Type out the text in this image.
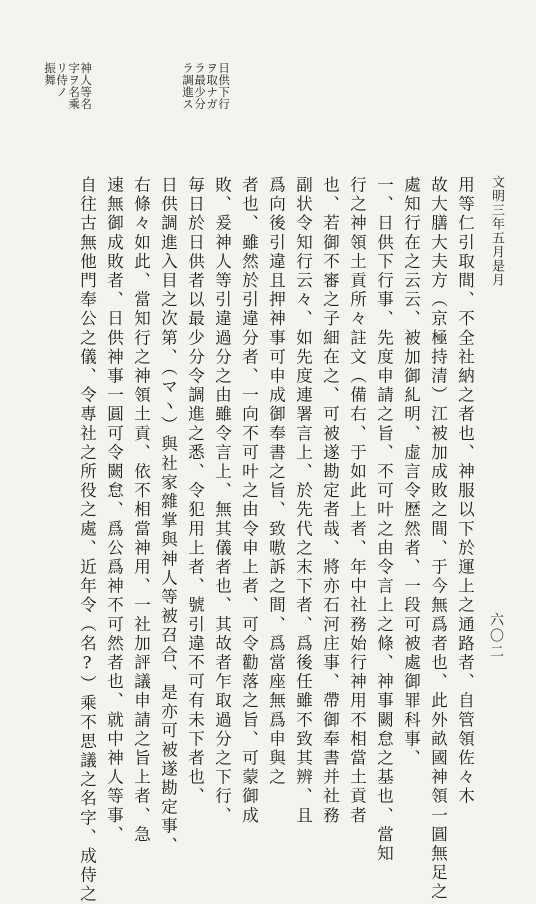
六〇二
文明三年五月是月
用等仁引取間、不全社納之者也、神服以下於運上之通路者、自管領佐々木
故大膳大夫方（京極持清）江被加成敗之間、于今無爲者也、此外畝國神領一圓無足之
處知行在之云云、被加御糺明、虚言令歴然者、一段可被處御罪科事、
一、日供下行事、先度申請之旨、不可叶之由令言上之條、神事闕怠之基也、當知
行之神領土貢所々註文（備右、于如此上者、年中社務始行神用不相當土貢者
也、若御不審之子細在之、可被遂勘定者哉、將亦石河庄事、帶御奉書并社務
副状令知行云々、如先度連署言上、於先代之末下者、爲後任雖不致其辨、且
爲向後引違且押神事可申成御奉書之旨、致嗷訴之間、爲當座無爲申與之
者也、雖然於引違分者、一向不可叶之由令申上者、可令勸落之旨、可蒙御成
敗、爰神人等引違過分之由雖令言上、無其儀者也、其故者乍取過分之下行、
毎日於日供者以最少分令調進之悉、令犯用上者、號引違不可有未下者也、
日供調進入目之次第、（マヽ）與社家雜掌與神人等被召合、是亦可被遂勘定事、
右條々如此、當知行之神領土貢、依不相當神用、一社加評議申請之旨上者、急
速無御成敗者、日供神事一圓可令闕怠、爲公爲神不可然者也、就中神人等事、
自往古無他門奉公之儀、令專社之所役之處、近年令（名?）乘不思議之名字、成侍之
日供下行
ヲ取ナガ
ラ最少分
ラ調進ス
神人等名
字ヲ名乘
リ侍ノ
振舞
